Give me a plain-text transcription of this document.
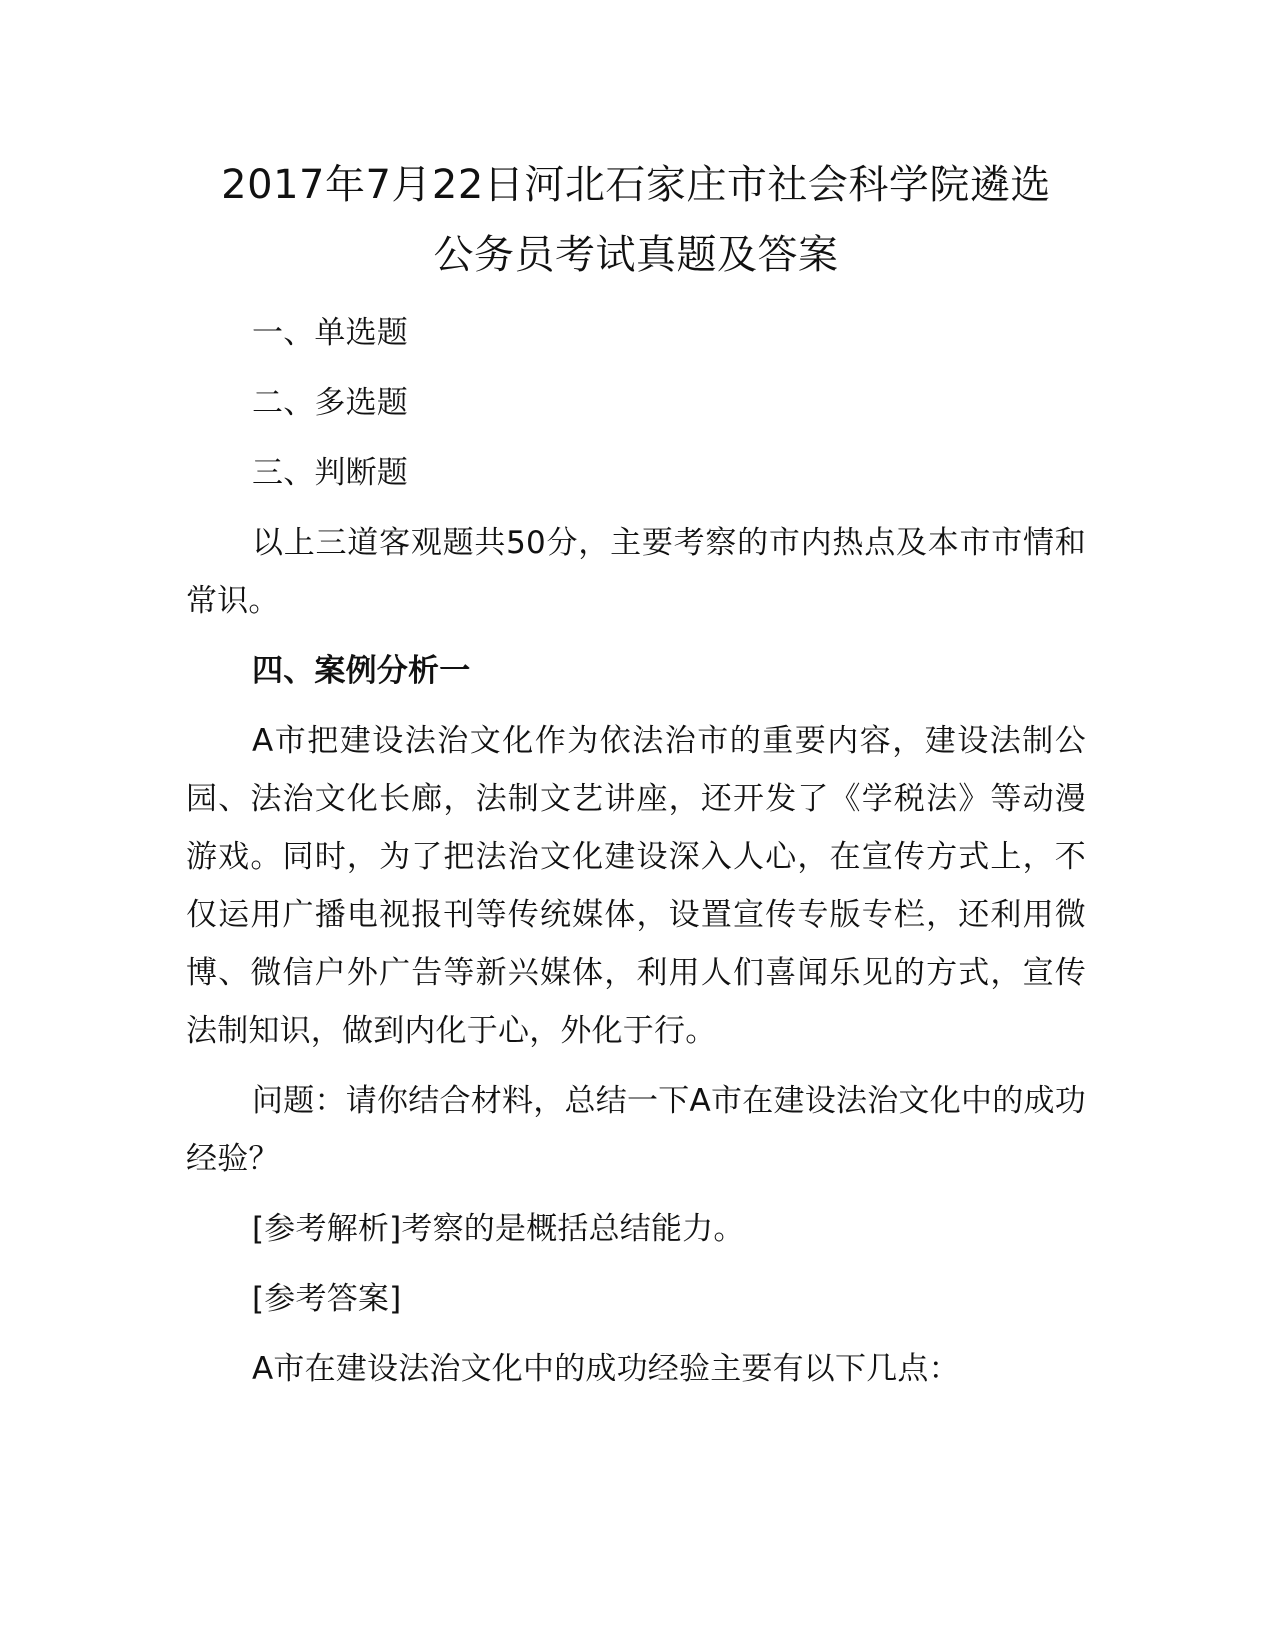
2017年7月22日河北石家庄市社会科学院遴选
公务员考试真题及答案

一、单选题

二、多选题

三、判断题

以上三道客观题共50分，主要考察的市内热点及本市市情和常识。

四、案例分析一

A市把建设法治文化作为依法治市的重要内容，建设法制公园、法治文化长廊，法制文艺讲座，还开发了《学税法》等动漫游戏。同时，为了把法治文化建设深入人心，在宣传方式上，不仅运用广播电视报刊等传统媒体，设置宣传专版专栏，还利用微博、微信户外广告等新兴媒体，利用人们喜闻乐见的方式，宣传法制知识，做到内化于心，外化于行。

问题：请你结合材料，总结一下A市在建设法治文化中的成功经验？

[参考解析]考察的是概括总结能力。

[参考答案]

A市在建设法治文化中的成功经验主要有以下几点：
